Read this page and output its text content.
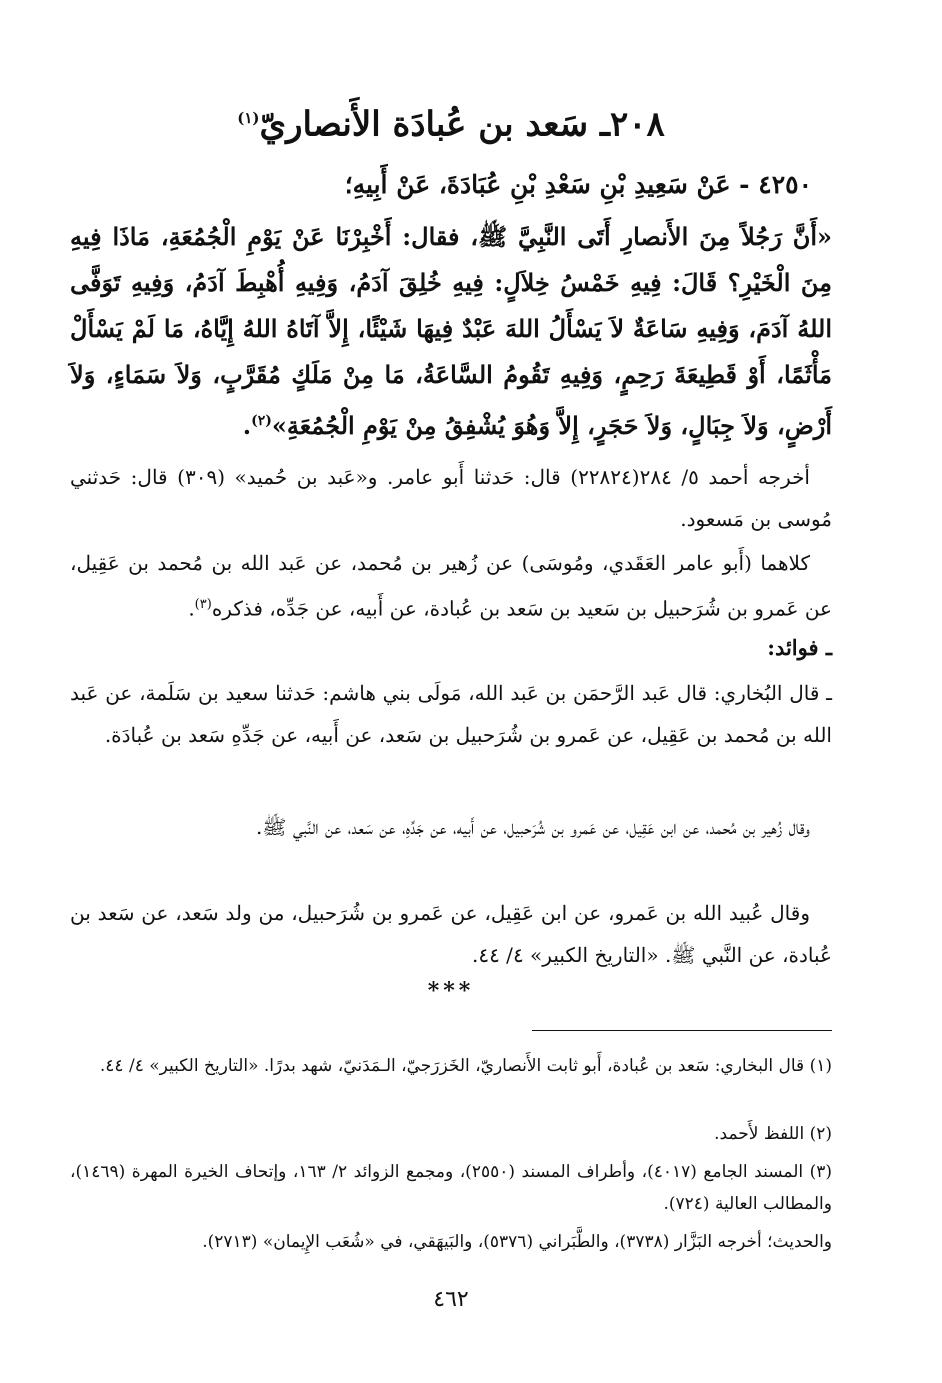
٢٠٨ـ سَعد بن عُبادَة الأَنصاريّ$^{(١)}$
٤٢٥٠ - عَنْ سَعِيدِ بْنِ سَعْدِ بْنِ عُبَادَةَ، عَنْ أَبِيهِ؛

«أَنَّ رَجُلاً مِنَ الأَنصارِ أَتَى النَّبِيَّ ﷺ، فقال: أَخْبِرْنَا عَنْ يَوْمِ الْجُمُعَةِ، مَاذَا فِيهِ مِنَ الْخَيْرِ؟ قَالَ: فِيهِ خَمْسُ خِلاَلٍ: فِيهِ خُلِقَ آدَمُ، وَفِيهِ أُهْبِطَ آدَمُ، وَفِيهِ تَوَفَّى اللهُ آدَمَ، وَفِيهِ سَاعَةٌ لاَ يَسْأَلُ اللهَ عَبْدٌ فِيهَا شَيْئًا، إِلاَّ آتَاهُ اللهُ إِيَّاهُ، مَا لَمْ يَسْأَلْ مَأْثَمًا، أَوْ قَطِيعَةَ رَحِمٍ، وَفِيهِ تَقُومُ السَّاعَةُ، مَا مِنْ مَلَكٍ مُقَرَّبٍ، وَلاَ سَمَاءٍ، وَلاَ أَرْضٍ، وَلاَ جِبَالٍ، وَلاَ حَجَرٍ، إِلاَّ وَهُوَ يُشْفِقُ مِنْ يَوْمِ الْجُمُعَةِ»$^{(٢)}$.

أخرجه أحمد ٥/ ٢٨٤(٢٢٨٢٤) قال: حَدثنا أَبو عامر. و«عَبد بن حُميد» (٣٠٩) قال: حَدثني مُوسى بن مَسعود.

كلاهما (أَبو عامر العَقَدي، ومُوسَى) عن زُهير بن مُحمد، عن عَبد الله بن مُحمد بن عَقِيل، عن عَمرو بن شُرَحبيل بن سَعيد بن سَعد بن عُبادة، عن أَبيه، عن جَدِّه، فذكره$^{(٣)}$.

ـ فوائد:

ـ قال البُخاري: قال عَبد الرَّحمَن بن عَبد الله، مَولَى بني هاشم: حَدثنا سعيد بن سَلَمة، عن عَبد الله بن مُحمد بن عَقِيل، عن عَمرو بن شُرَحبيل بن سَعد، عن أَبيه، عن جَدِّهِ سَعد بن عُبادَة.

وقال زُهير بن مُحمد، عن ابن عَقِيل، عن عَمرو بن شُرَحبيل، عن أَبيه، عن جَدِّهِ، عن سَعد، عن النَّبي ﷺ.

وقال عُبيد الله بن عَمرو، عن ابن عَقِيل، عن عَمرو بن شُرَحبيل، من ولد سَعد، عن سَعد بن عُبادة، عن النَّبي ﷺ. «التاريخ الكبير» ٤/ ٤٤.

***

(١) قال البخاري: سَعد بن عُبادة، أَبو ثابت الأَنصاريّ، الخَزرَجيّ، الـمَدَنيّ، شهد بدرًا. «التاريخ الكبير» ٤/ ٤٤.

(٢) اللفظ لأَحمد.

(٣) المسند الجامع (٤٠١٧)، وأطراف المسند (٢٥٥٠)، ومجمع الزوائد ٢/ ١٦٣، وإتحاف الخيرة المهرة (١٤٦٩)، والمطالب العالية (٧٢٤).

والحديث؛ أخرجه البَزَّار (٣٧٣٨)، والطَّبَراني (٥٣٧٦)، والبَيهَقي، في «شُعَب الإِيمان» (٢٧١٣).

٤٦٢
